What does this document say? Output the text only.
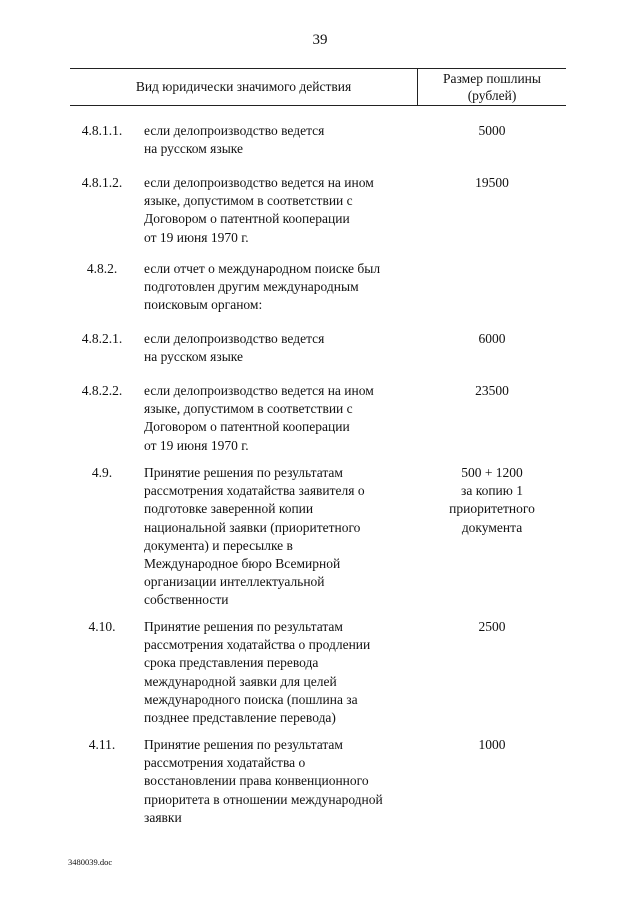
39
Вид юридически значимого действия
Размер пошлины
(рублей)
4.8.1.1.	если делопроизводство ведется
на русском языке
5000
4.8.1.2.	если делопроизводство ведется на ином
языке, допустимом в соответствии с
Договором о патентной кооперации
от 19 июня 1970 г.
19500
4.8.2.	если отчет о международном поиске был
подготовлен другим международным
поисковым органом:
4.8.2.1.	если делопроизводство ведется
на русском языке
6000
4.8.2.2.	если делопроизводство ведется на ином
языке, допустимом в соответствии с
Договором о патентной кооперации
от 19 июня 1970 г.
23500
4.9.	Принятие решения по результатам
рассмотрения ходатайства заявителя о
подготовке заверенной копии
национальной заявки (приоритетного
документа) и пересылке в
Международное бюро Всемирной
организации интеллектуальной
собственности
500 + 1200
за копию 1
приоритетного
документа
4.10.	Принятие решения по результатам
рассмотрения ходатайства о продлении
срока представления перевода
международной заявки для целей
международного поиска (пошлина за
позднее представление перевода)
2500
4.11.	Принятие решения по результатам
рассмотрения ходатайства о
восстановлении права конвенционного
приоритета в отношении международной
заявки
1000
3480039.doc
